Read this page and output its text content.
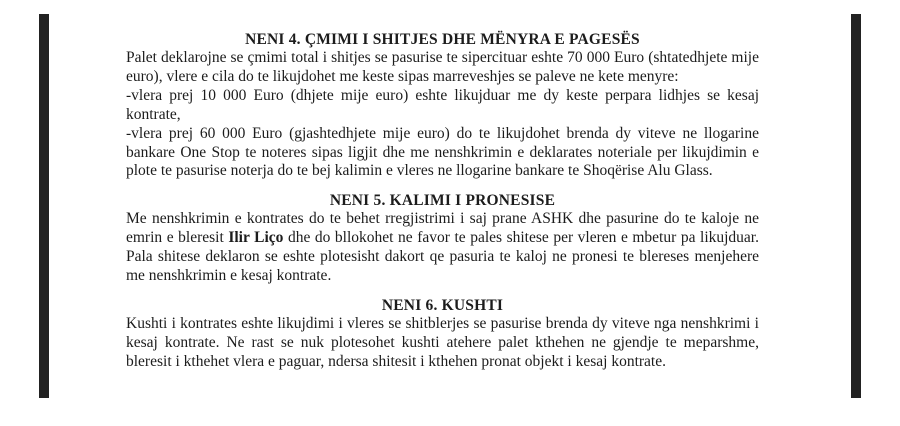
NENI 4. ÇMIMI I SHITJES DHE MËNYRA E PAGESËS

Palet deklarojne se çmimi total i shitjes se pasurise te sipercituar eshte 70 000 Euro (shtatedhjete mije euro), vlere e cila do te likujdohet me keste sipas marreveshjes se paleve ne kete menyre:

-vlera prej 10 000 Euro (dhjete mije euro) eshte likujduar me dy keste perpara lidhjes se kesaj kontrate,

-vlera prej 60 000 Euro (gjashtedhjete mije euro) do te likujdohet brenda dy viteve ne llogarine bankare One Stop te noteres sipas ligjit dhe me nenshkrimin e deklarates noteriale per likujdimin e plote te pasurise noterja do te bej kalimin e vleres ne llogarine bankare te Shoqërise Alu Glass.

NENI 5. KALIMI I PRONESISE

Me nenshkrimin e kontrates do te behet rregjistrimi i saj prane ASHK dhe pasurine do te kaloje ne emrin e bleresit Ilir Liço dhe do bllokohet ne favor te pales shitese per vleren e mbetur pa likujduar. Pala shitese deklaron se eshte plotesisht dakort qe pasuria te kaloj ne pronesi te blereses menjehere me nenshkrimin e kesaj kontrate.

NENI 6. KUSHTI

Kushti i kontrates eshte likujdimi i vleres se shitblerjes se pasurise brenda dy viteve nga nenshkrimi i kesaj kontrate. Ne rast se nuk plotesohet kushti atehere palet kthehen ne gjendje te meparshme, bleresit i kthehet vlera e paguar, ndersa shitesit i kthehen pronat objekt i kesaj kontrate.
